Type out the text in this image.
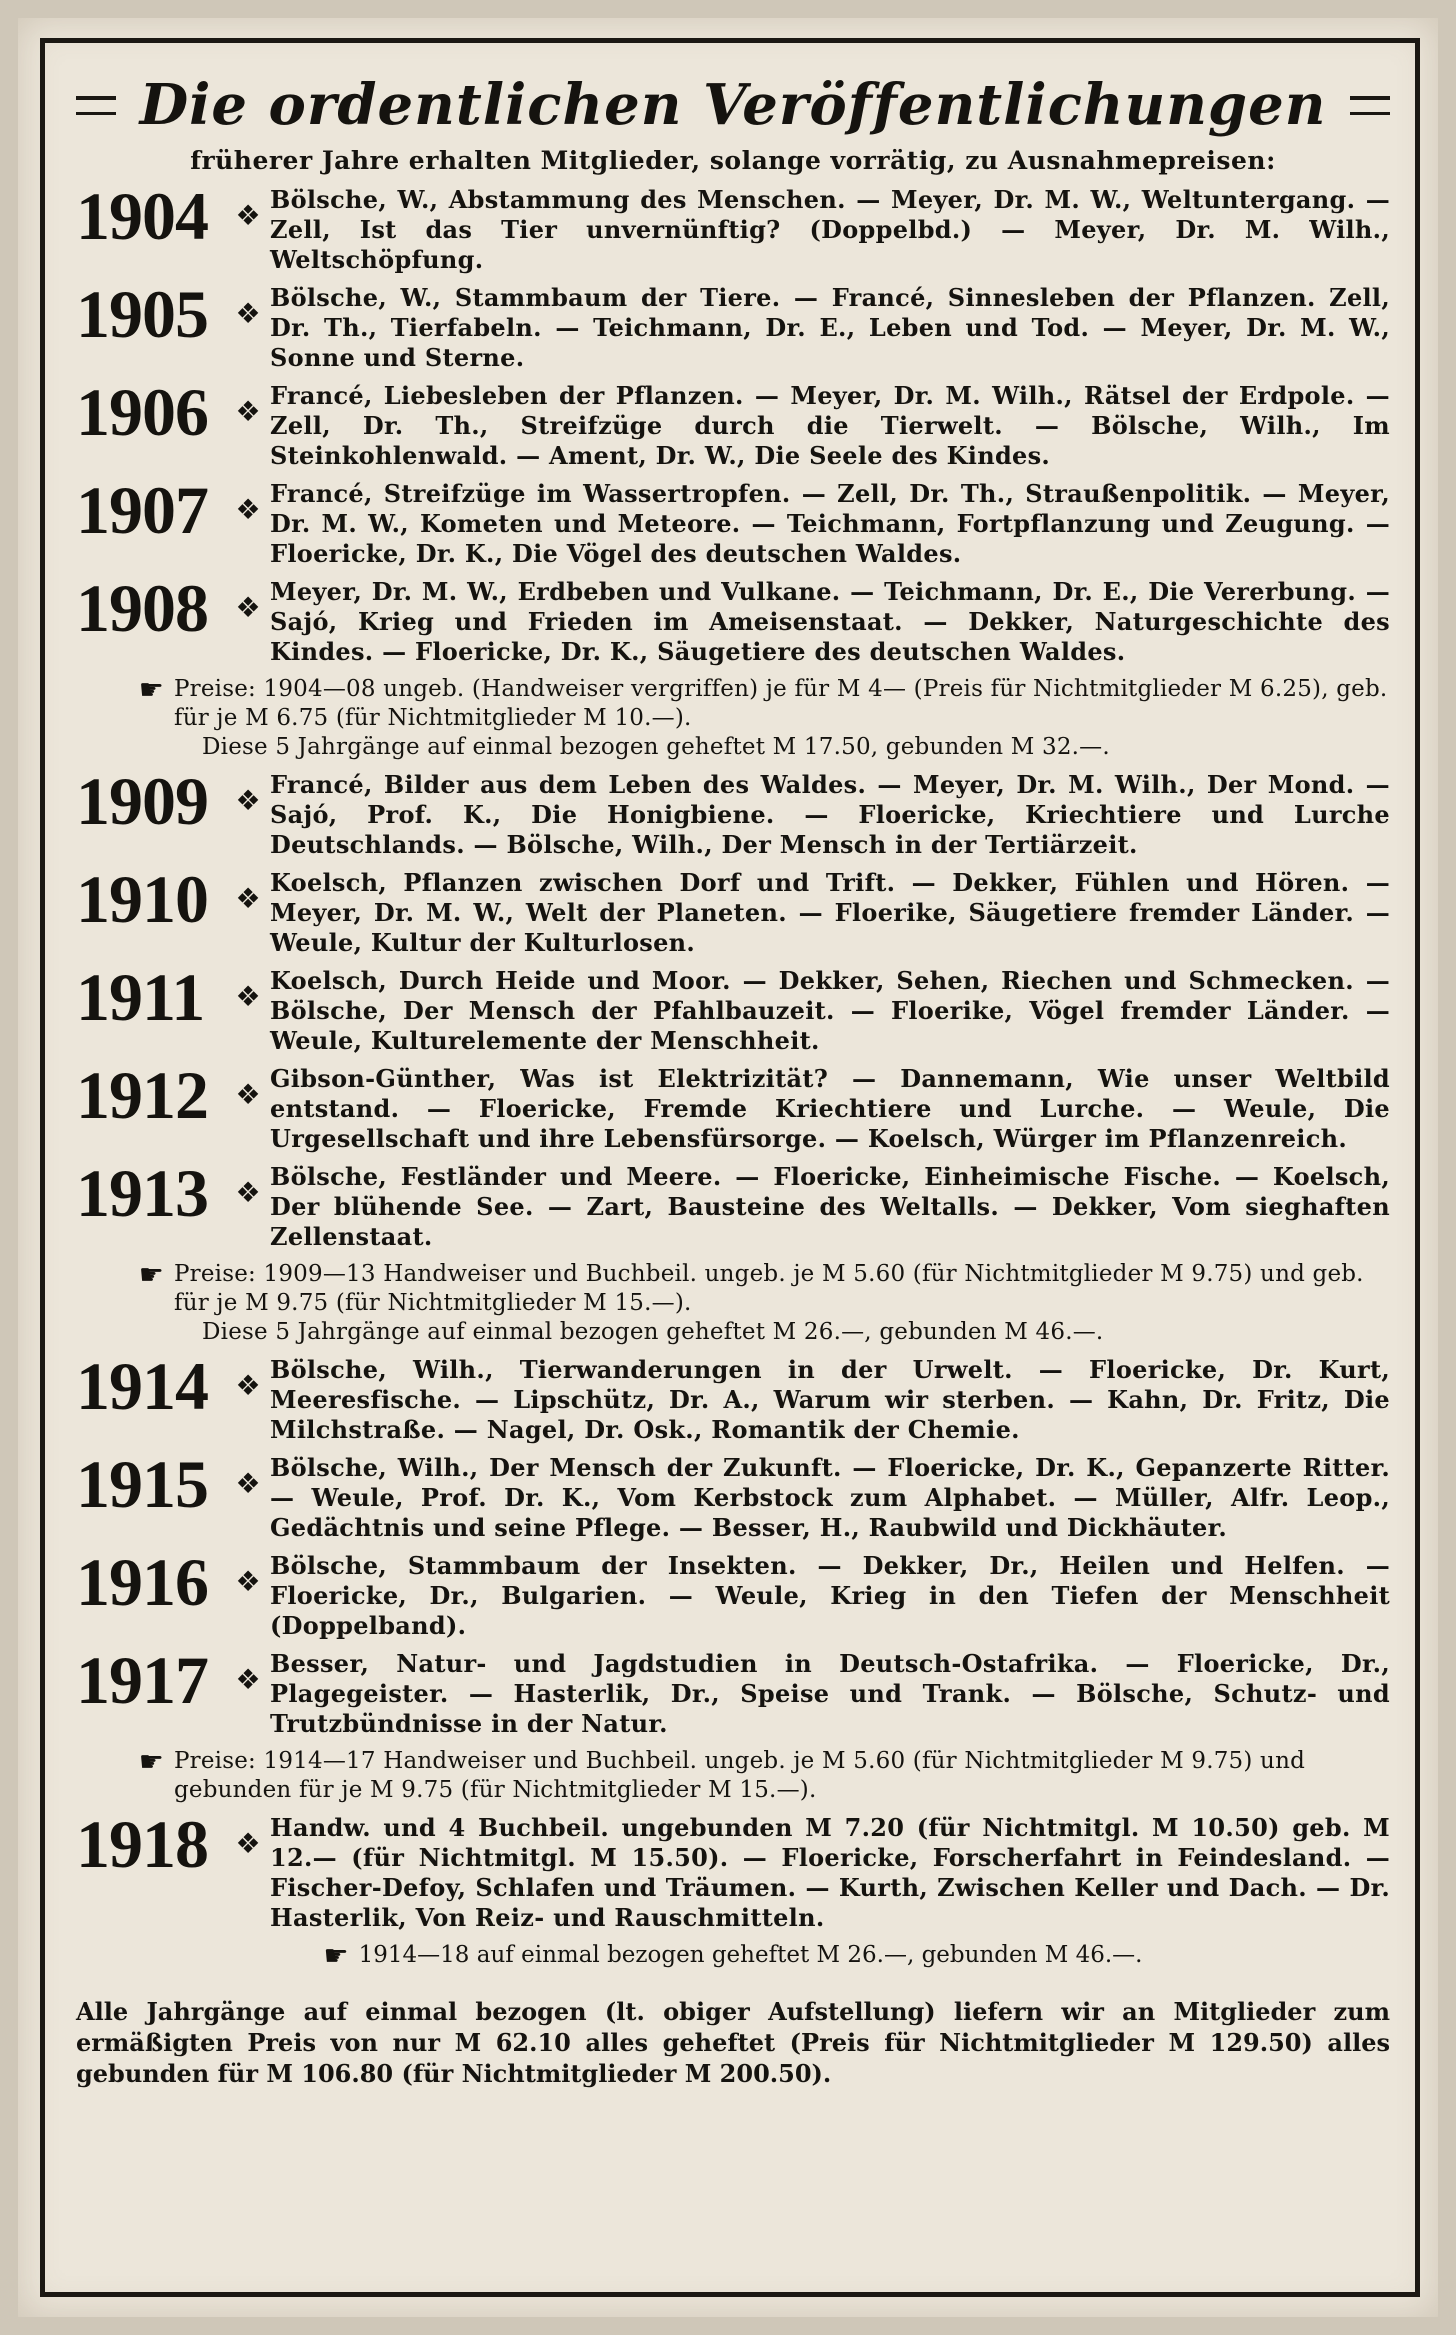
Die ordentlichen Veröffentlichungen
früherer Jahre erhalten Mitglieder, solange vorrätig, zu Ausnahmepreisen:
1904 ❖ Bölsche, W., Abstammung des Menschen. — Meyer, Dr. M. W., Weltuntergang. — Zell, Ist das Tier unvernünftig? (Doppelbd.) — Meyer, Dr. M. Wilh., Weltschöpfung.
1905 ❖ Bölsche, W., Stammbaum der Tiere. — Francé, Sinnesleben der Pflanzen. Zell, Dr. Th., Tierfabeln. — Teichmann, Dr. E., Leben und Tod. — Meyer, Dr. M. W., Sonne und Sterne.
1906 ❖ Francé, Liebesleben der Pflanzen. — Meyer, Dr. M. Wilh., Rätsel der Erdpole. — Zell, Dr. Th., Streifzüge durch die Tierwelt. — Bölsche, Wilh., Im Steinkohlenwald. — Ament, Dr. W., Die Seele des Kindes.
1907 ❖ Francé, Streifzüge im Wassertropfen. — Zell, Dr. Th., Straußenpolitik. — Meyer, Dr. M. W., Kometen und Meteore. — Teichmann, Fortpflanzung und Zeugung. — Floericke, Dr. K., Die Vögel des deutschen Waldes.
1908 ❖ Meyer, Dr. M. W., Erdbeben und Vulkane. — Teichmann, Dr. E., Die Vererbung. — Sajó, Krieg und Frieden im Ameisenstaat. — Dekker, Naturgeschichte des Kindes. — Floericke, Dr. K., Säugetiere des deutschen Waldes.
☛ Preise: 1904—08 ungeb. (Handweiser vergriffen) je für M 4— (Preis für Nichtmitglieder M 6.25), geb. für je M 6.75 (für Nichtmitglieder M 10.—).
Diese 5 Jahrgänge auf einmal bezogen geheftet M 17.50, gebunden M 32.—.
1909 ❖ Francé, Bilder aus dem Leben des Waldes. — Meyer, Dr. M. Wilh., Der Mond. — Sajó, Prof. K., Die Honigbiene. — Floericke, Kriechtiere und Lurche Deutschlands. — Bölsche, Wilh., Der Mensch in der Tertiärzeit.
1910 ❖ Koelsch, Pflanzen zwischen Dorf und Trift. — Dekker, Fühlen und Hören. — Meyer, Dr. M. W., Welt der Planeten. — Floerike, Säugetiere fremder Länder. — Weule, Kultur der Kulturlosen.
1911	❖ Koelsch, Durch Heide und Moor. — Dekker, Sehen, Riechen und Schmecken. — Bölsche, Der Mensch der Pfahlbauzeit. — Floerike, Vögel fremder Länder. — Weule, Kulturelemente der Menschheit.
1912 ❖ Gibson-Günther, Was ist Elektrizität? — Dannemann, Wie unser Weltbild entstand. — Floericke, Fremde Kriechtiere und Lurche. — Weule, Die Urgesellschaft und ihre Lebensfürsorge. — Koelsch, Würger im Pflanzenreich.
1913 ❖ Bölsche, Festländer und Meere. — Floericke, Einheimische Fische. — Koelsch, Der blühende See. — Zart, Bausteine des Weltalls. — Dekker, Vom sieghaften Zellenstaat.
☛ Preise: 1909—13 Handweiser und Buchbeil. ungeb. je M 5.60 (für Nichtmitglieder M 9.75) und geb. für je M 9.75 (für Nichtmitglieder M 15.—).
Diese 5 Jahrgänge auf einmal bezogen geheftet M 26.—, gebunden M 46.—.
1914 ❖ Bölsche, Wilh., Tierwanderungen in der Urwelt. — Floericke, Dr. Kurt, Meeresfische. — Lipschütz, Dr. A., Warum wir sterben. — Kahn, Dr. Fritz, Die Milchstraße. — Nagel, Dr. Osk., Romantik der Chemie.
1915 ❖ Bölsche, Wilh., Der Mensch der Zukunft. — Floericke, Dr. K., Gepanzerte Ritter. — Weule, Prof. Dr. K., Vom Kerbstock zum Alphabet. — Müller, Alfr. Leop., Gedächtnis und seine Pflege. — Besser, H., Raubwild und Dickhäuter.
1916 ❖ Bölsche, Stammbaum der Insekten. — Dekker, Dr., Heilen und Helfen. — Floericke, Dr., Bulgarien. — Weule, Krieg in den Tiefen der Menschheit (Doppelband).
1917 ❖ Besser, Natur- und Jagdstudien in Deutsch-Ostafrika. — Floericke, Dr., Plagegeister. — Hasterlik, Dr., Speise und Trank. — Bölsche, Schutz- und Trutzbündnisse in der Natur.
☛ Preise: 1914—17 Handweiser und Buchbeil. ungeb. je M 5.60 (für Nichtmitglieder M 9.75) und gebunden für je M 9.75 (für Nichtmitglieder M 15.—).
1918 ❖ Handw. und 4 Buchbeil. ungebunden M 7.20 (für Nichtmitgl. M 10.50) geb. M 12.— (für Nichtmitgl. M 15.50). — Floericke, Forscherfahrt in Feindesland. — Fischer-Defoy, Schlafen und Träumen. — Kurth, Zwischen Keller und Dach. — Dr. Hasterlik, Von Reiz- und Rauschmitteln.
☛ 1914—18 auf einmal bezogen geheftet M 26.—, gebunden M 46.—.
Alle Jahrgänge auf einmal bezogen (lt. obiger Aufstellung) liefern wir an Mitglieder zum ermäßigten Preis von nur M 62.10 alles geheftet (Preis für Nichtmitglieder M 129.50) alles gebunden für M 106.80 (für Nichtmitglieder M 200.50).
